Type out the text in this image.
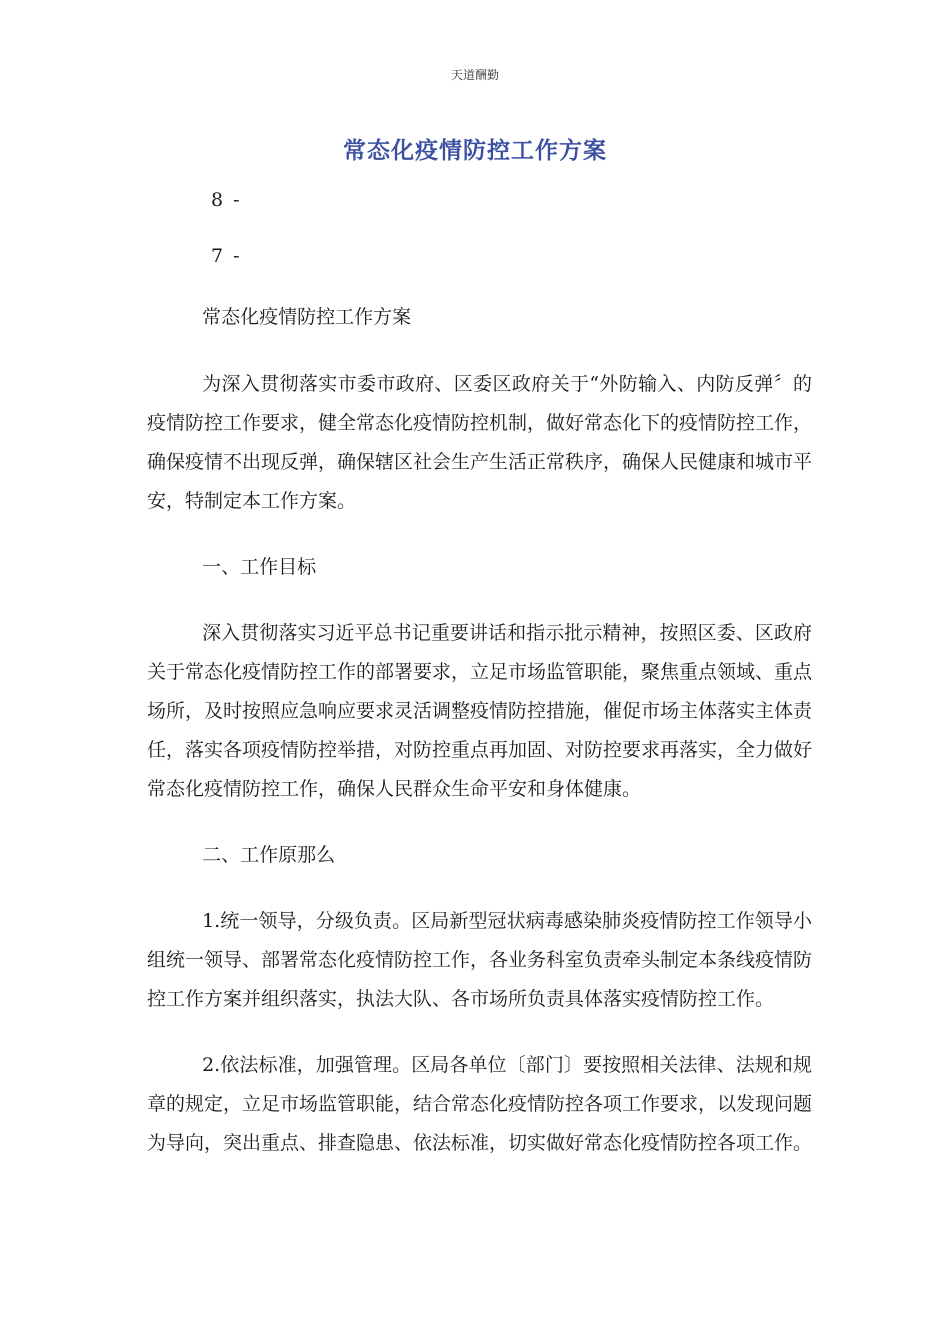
天道酬勤
常态化疫情防控工作方案
8 -
7 -

常态化疫情防控工作方案

为深入贯彻落实市委市政府、区委区政府关于“外防输入、内防反弹〞的疫情防控工作要求，健全常态化疫情防控机制，做好常态化下的疫情防控工作，确保疫情不出现反弹，确保辖区社会生产生活正常秩序，确保人民健康和城市平安，特制定本工作方案。

一、工作目标

深入贯彻落实习近平总书记重要讲话和指示批示精神，按照区委、区政府关于常态化疫情防控工作的部署要求，立足市场监管职能，聚焦重点领域、重点场所，及时按照应急响应要求灵活调整疫情防控措施，催促市场主体落实主体责任，落实各项疫情防控举措，对防控重点再加固、对防控要求再落实，全力做好常态化疫情防控工作，确保人民群众生命平安和身体健康。

二、工作原那么

1.统一领导，分级负责。区局新型冠状病毒感染肺炎疫情防控工作领导小组统一领导、部署常态化疫情防控工作，各业务科室负责牵头制定本条线疫情防控工作方案并组织落实，执法大队、各市场所负责具体落实疫情防控工作。

2.依法标准，加强管理。区局各单位〔部门〕要按照相关法律、法规和规章的规定，立足市场监管职能，结合常态化疫情防控各项工作要求，以发现问题为导向，突出重点、排查隐患、依法标准，切实做好常态化疫情防控各项工作。
